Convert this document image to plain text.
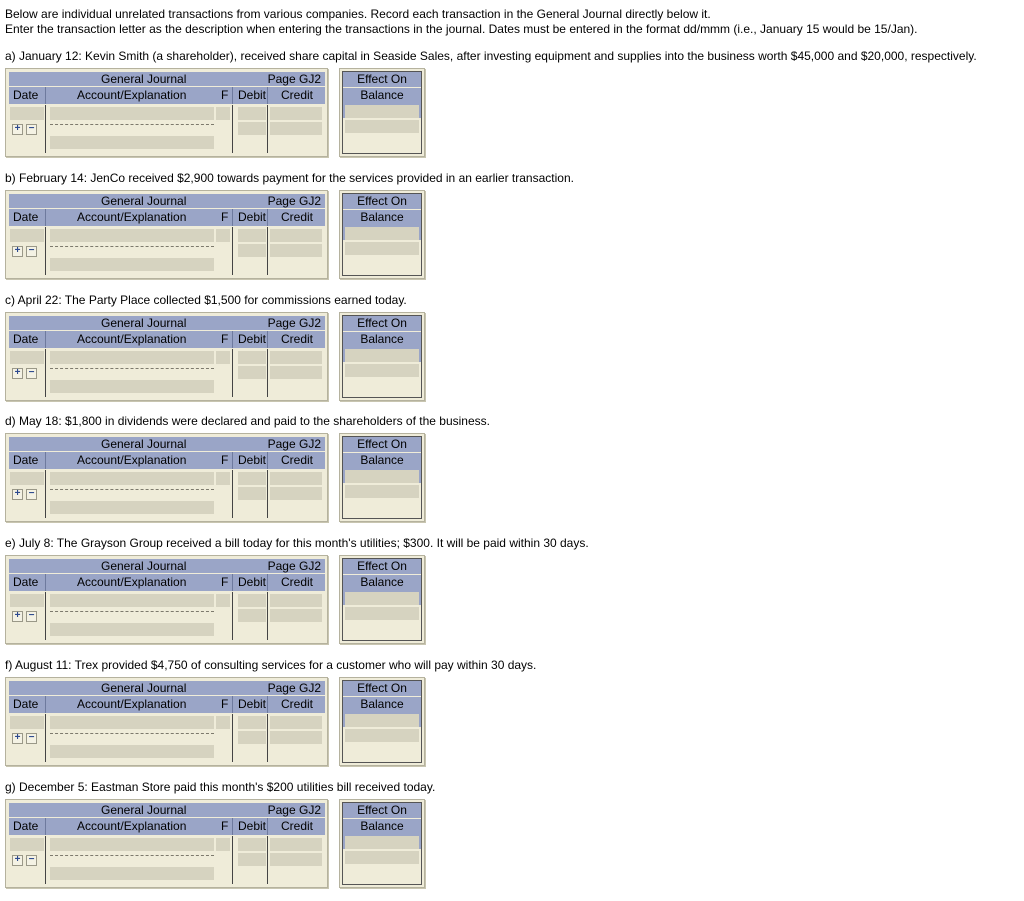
Below are individual unrelated transactions from various companies. Record each transaction in the General Journal directly below it.
Enter the transaction letter as the description when entering the transactions in the journal. Dates must be entered in the format dd/mmm (i.e., January 15 would be 15/Jan).
a) January 12: Kevin Smith (a shareholder), received share capital in Seaside Sales, after investing equipment and supplies into the business worth $45,000 and $20,000, respectively.
General Journal	Page GJ2
Date	Account/Explanation	F Debit Credit
+ −
Effect On
Balance
b) February 14: JenCo received $2,900 towards payment for the services provided in an earlier transaction.
General Journal	Page GJ2
Date	Account/Explanation	F Debit Credit
+ −
Effect On
Balance
c) April 22: The Party Place collected $1,500 for commissions earned today.
General Journal	Page GJ2
Date	Account/Explanation	F Debit Credit
+ −
Effect On
Balance
d) May 18: $1,800 in dividends were declared and paid to the shareholders of the business.
General Journal	Page GJ2
Date	Account/Explanation	F Debit Credit
+ −
Effect On
Balance
e) July 8: The Grayson Group received a bill today for this month's utilities; $300. It will be paid within 30 days.
General Journal	Page GJ2
Date	Account/Explanation	F Debit Credit
+ −
Effect On
Balance
f) August 11: Trex provided $4,750 of consulting services for a customer who will pay within 30 days.
General Journal	Page GJ2
Date	Account/Explanation	F Debit Credit
+ −
Effect On
Balance
g) December 5: Eastman Store paid this month's $200 utilities bill received today.
General Journal	Page GJ2
Date	Account/Explanation	F Debit Credit
+ −
Effect On
Balance
